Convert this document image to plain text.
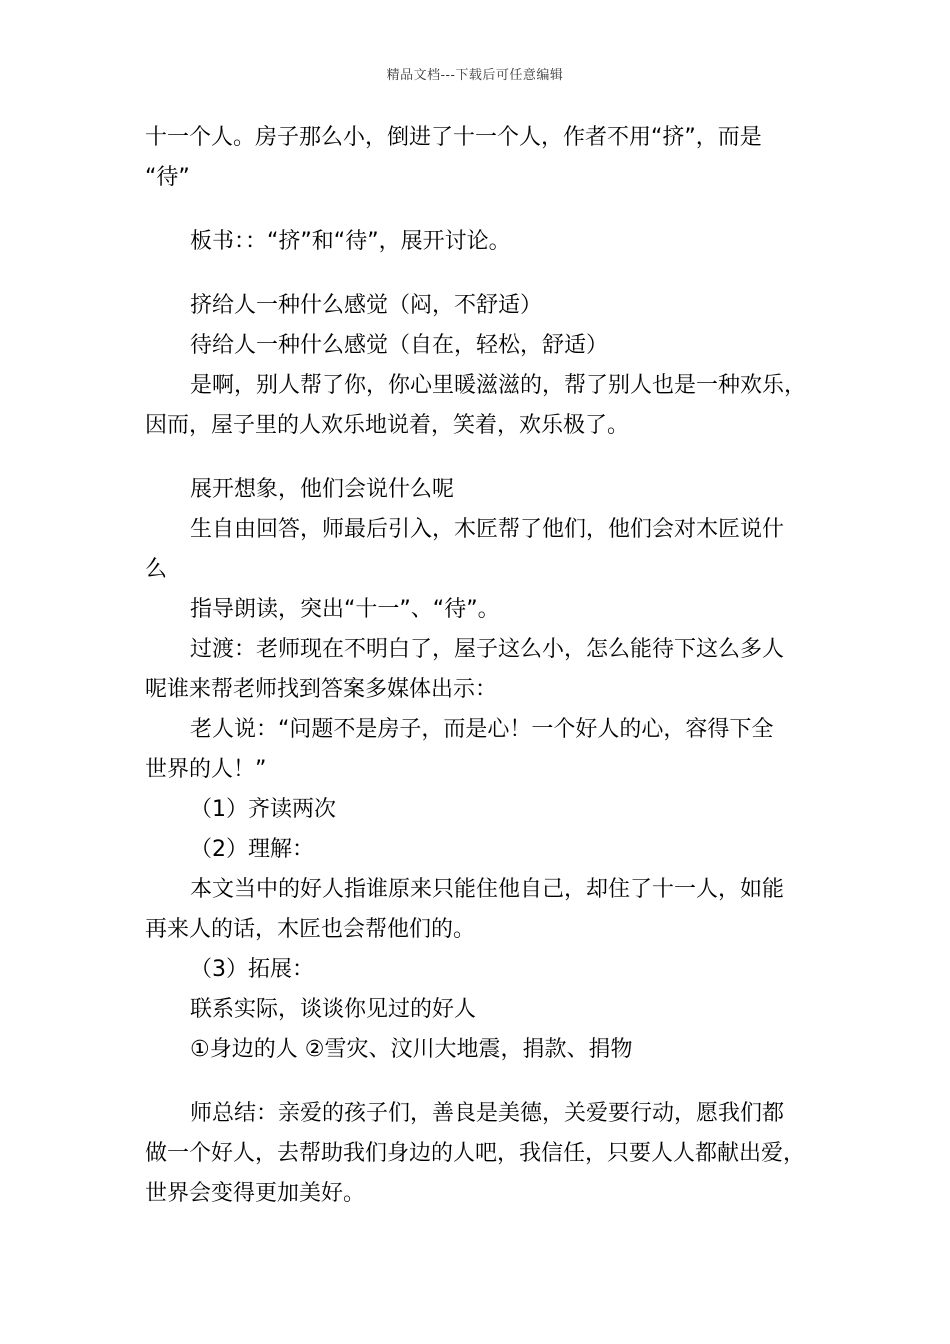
精品文档---下载后可任意编辑
十一个人。房子那么小，倒进了十一个人，作者不用“挤”，而是
“待”
板书：：“挤”和“待”，展开讨论。
挤给人一种什么感觉（闷，不舒适）
待给人一种什么感觉（自在，轻松，舒适）
是啊，别人帮了你，你心里暖滋滋的，帮了别人也是一种欢乐，
因而，屋子里的人欢乐地说着，笑着，欢乐极了。
展开想象，他们会说什么呢
生自由回答，师最后引入，木匠帮了他们，他们会对木匠说什
么
指导朗读，突出“十一”、“待”。
过渡：老师现在不明白了，屋子这么小，怎么能待下这么多人
呢谁来帮老师找到答案多媒体出示：
老人说：“问题不是房子，而是心！一个好人的心，容得下全
世界的人！”
（1）齐读两次
（2）理解：
本文当中的好人指谁原来只能住他自己，却住了十一人，如能
再来人的话，木匠也会帮他们的。
（3）拓展：
联系实际，谈谈你见过的好人
①身边的人 ②雪灾、汶川大地震，捐款、捐物
师总结：亲爱的孩子们，善良是美德，关爱要行动，愿我们都
做一个好人，去帮助我们身边的人吧，我信任，只要人人都献出爱，
世界会变得更加美好。
